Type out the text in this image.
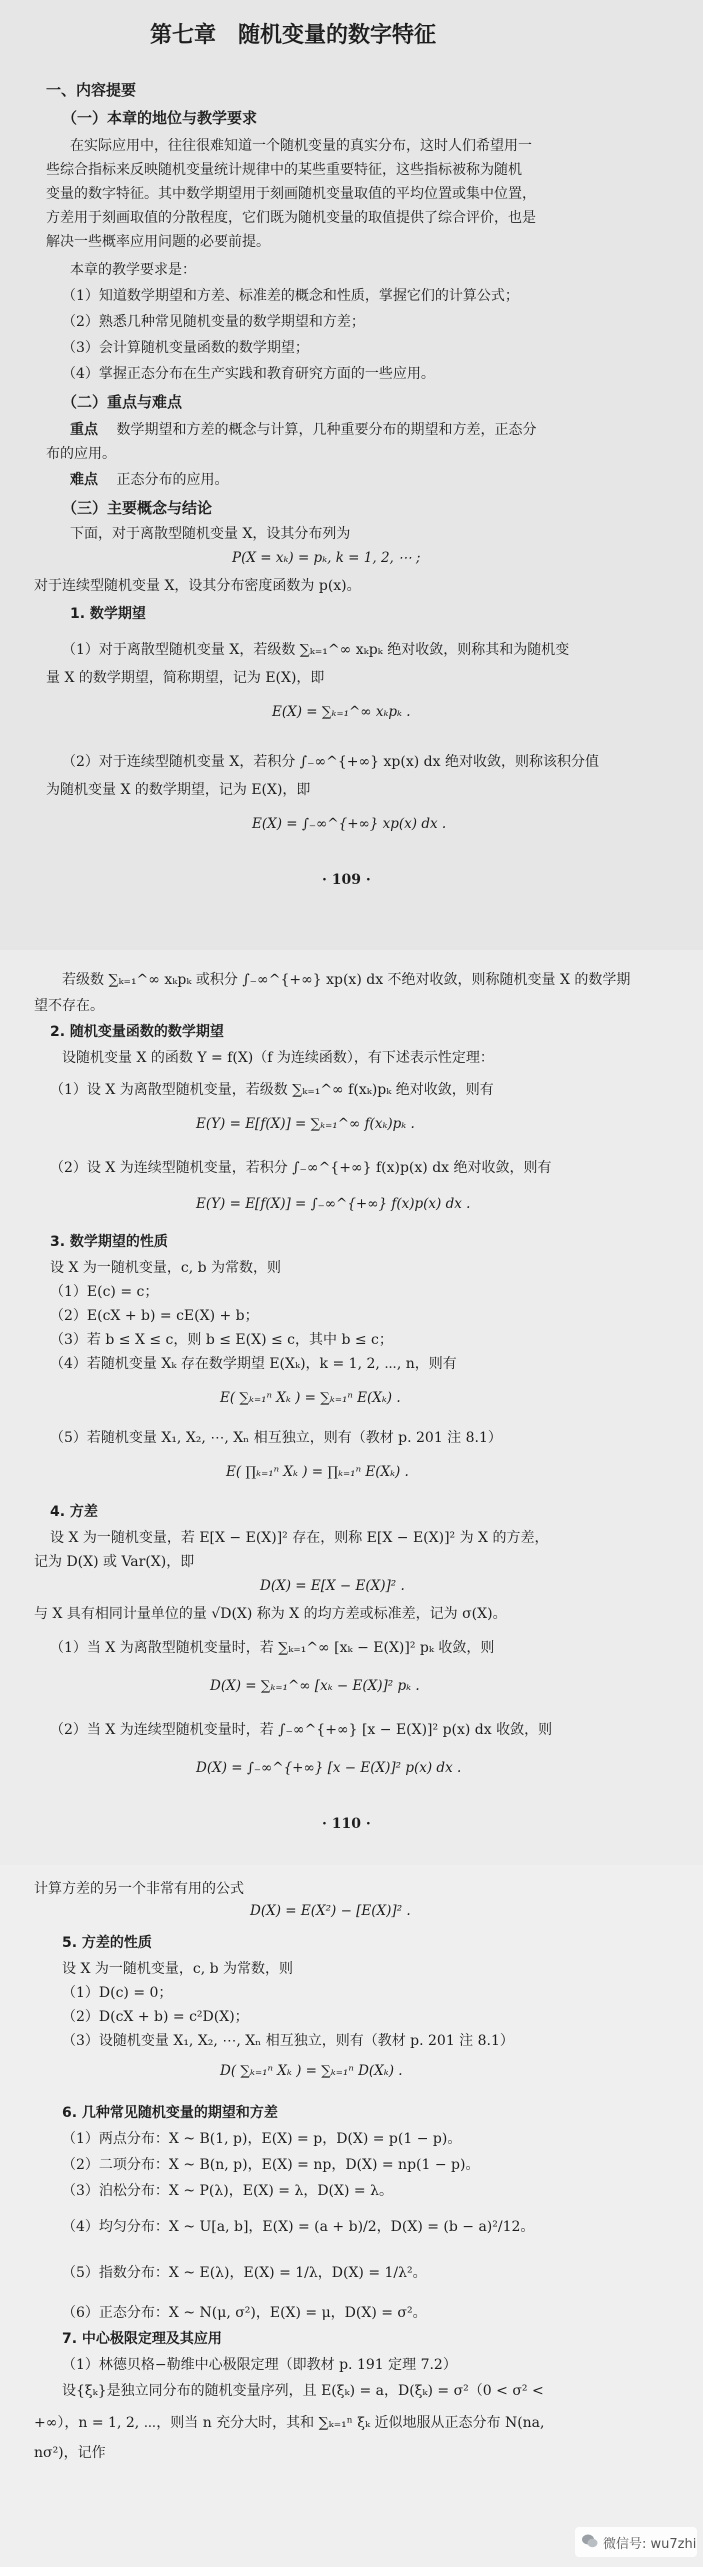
第七章　随机变量的数字特征
一、内容提要
（一）本章的地位与教学要求
在实际应用中，往往很难知道一个随机变量的真实分布，这时人们希望用一
些综合指标来反映随机变量统计规律中的某些重要特征，这些指标被称为随机
变量的数字特征。其中数学期望用于刻画随机变量取值的平均位置或集中位置，
方差用于刻画取值的分散程度，它们既为随机变量的取值提供了综合评价，也是
解决一些概率应用问题的必要前提。
本章的教学要求是：
（1）知道数学期望和方差、标准差的概念和性质，掌握它们的计算公式；
（2）熟悉几种常见随机变量的数学期望和方差；
（3）会计算随机变量函数的数学期望；
（4）掌握正态分布在生产实践和教育研究方面的一些应用。
（二）重点与难点
重点 数学期望和方差的概念与计算，几种重要分布的期望和方差，正态分
布的应用。
难点 正态分布的应用。
（三）主要概念与结论
下面，对于离散型随机变量 X，设其分布列为
P(X = xₖ) = pₖ, k = 1, 2, ⋯ ;
对于连续型随机变量 X，设其分布密度函数为 p(x)。
1. 数学期望
（1）对于离散型随机变量 X，若级数 ∑ₖ₌₁^∞ xₖpₖ 绝对收敛，则称其和为随机变
量 X 的数学期望，简称期望，记为 E(X)，即
E(X) = ∑ₖ₌₁^∞ xₖpₖ .
（2）对于连续型随机变量 X，若积分 ∫₋∞^{+∞} xp(x) dx 绝对收敛，则称该积分值
为随机变量 X 的数学期望，记为 E(X)，即
E(X) = ∫₋∞^{+∞} xp(x) dx .
· 109 ·
若级数 ∑ₖ₌₁^∞ xₖpₖ 或积分 ∫₋∞^{+∞} xp(x) dx 不绝对收敛，则称随机变量 X 的数学期
望不存在。
2. 随机变量函数的数学期望
设随机变量 X 的函数 Y = f(X)（f 为连续函数），有下述表示性定理：
（1）设 X 为离散型随机变量，若级数 ∑ₖ₌₁^∞ f(xₖ)pₖ 绝对收敛，则有
E(Y) = E[f(X)] = ∑ₖ₌₁^∞ f(xₖ)pₖ .
（2）设 X 为连续型随机变量，若积分 ∫₋∞^{+∞} f(x)p(x) dx 绝对收敛，则有
E(Y) = E[f(X)] = ∫₋∞^{+∞} f(x)p(x) dx .
3. 数学期望的性质
设 X 为一随机变量，c, b 为常数，则
（1）E(c) = c；
（2）E(cX + b) = cE(X) + b；
（3）若 b ≤ X ≤ c，则 b ≤ E(X) ≤ c，其中 b ≤ c；
（4）若随机变量 Xₖ 存在数学期望 E(Xₖ)，k = 1, 2, ⋯, n，则有
E( ∑ₖ₌₁ⁿ Xₖ ) = ∑ₖ₌₁ⁿ E(Xₖ) .
（5）若随机变量 X₁, X₂, ⋯, Xₙ 相互独立，则有（教材 p. 201 注 8.1）
E( ∏ₖ₌₁ⁿ Xₖ ) = ∏ₖ₌₁ⁿ E(Xₖ) .
4. 方差
设 X 为一随机变量，若 E[X − E(X)]² 存在，则称 E[X − E(X)]² 为 X 的方差，
记为 D(X) 或 Var(X)，即
D(X) = E[X − E(X)]² .
与 X 具有相同计量单位的量 √D(X) 称为 X 的均方差或标准差，记为 σ(X)。
（1）当 X 为离散型随机变量时，若 ∑ₖ₌₁^∞ [xₖ − E(X)]² pₖ 收敛，则
D(X) = ∑ₖ₌₁^∞ [xₖ − E(X)]² pₖ .
（2）当 X 为连续型随机变量时，若 ∫₋∞^{+∞} [x − E(X)]² p(x) dx 收敛，则
D(X) = ∫₋∞^{+∞} [x − E(X)]² p(x) dx .
· 110 ·
计算方差的另一个非常有用的公式
D(X) = E(X²) − [E(X)]² .
5. 方差的性质
设 X 为一随机变量，c, b 为常数，则
（1）D(c) = 0；
（2）D(cX + b) = c²D(X)；
（3）设随机变量 X₁, X₂, ⋯, Xₙ 相互独立，则有（教材 p. 201 注 8.1）
D( ∑ₖ₌₁ⁿ Xₖ ) = ∑ₖ₌₁ⁿ D(Xₖ) .
6. 几种常见随机变量的期望和方差
（1）两点分布：X ~ B(1, p)，E(X) = p，D(X) = p(1 − p)。
（2）二项分布：X ~ B(n, p)，E(X) = np，D(X) = np(1 − p)。
（3）泊松分布：X ~ P(λ)，E(X) = λ，D(X) = λ。
（4）均匀分布：X ~ U[a, b]，E(X) = (a + b)/2，D(X) = (b − a)²/12。
（5）指数分布：X ~ E(λ)，E(X) = 1/λ，D(X) = 1/λ²。
（6）正态分布：X ~ N(μ, σ²)，E(X) = μ，D(X) = σ²。
7. 中心极限定理及其应用
（1）林德贝格−勒维中心极限定理（即教材 p. 191 定理 7.2）
设{ξₖ}是独立同分布的随机变量序列，且 E(ξₖ) = a，D(ξₖ) = σ²（0 < σ² <
+∞），n = 1, 2, ⋯，则当 n 充分大时，其和 ∑ₖ₌₁ⁿ ξₖ 近似地服从正态分布 N(na,
nσ²)，记作
微信号: wu7zhi
